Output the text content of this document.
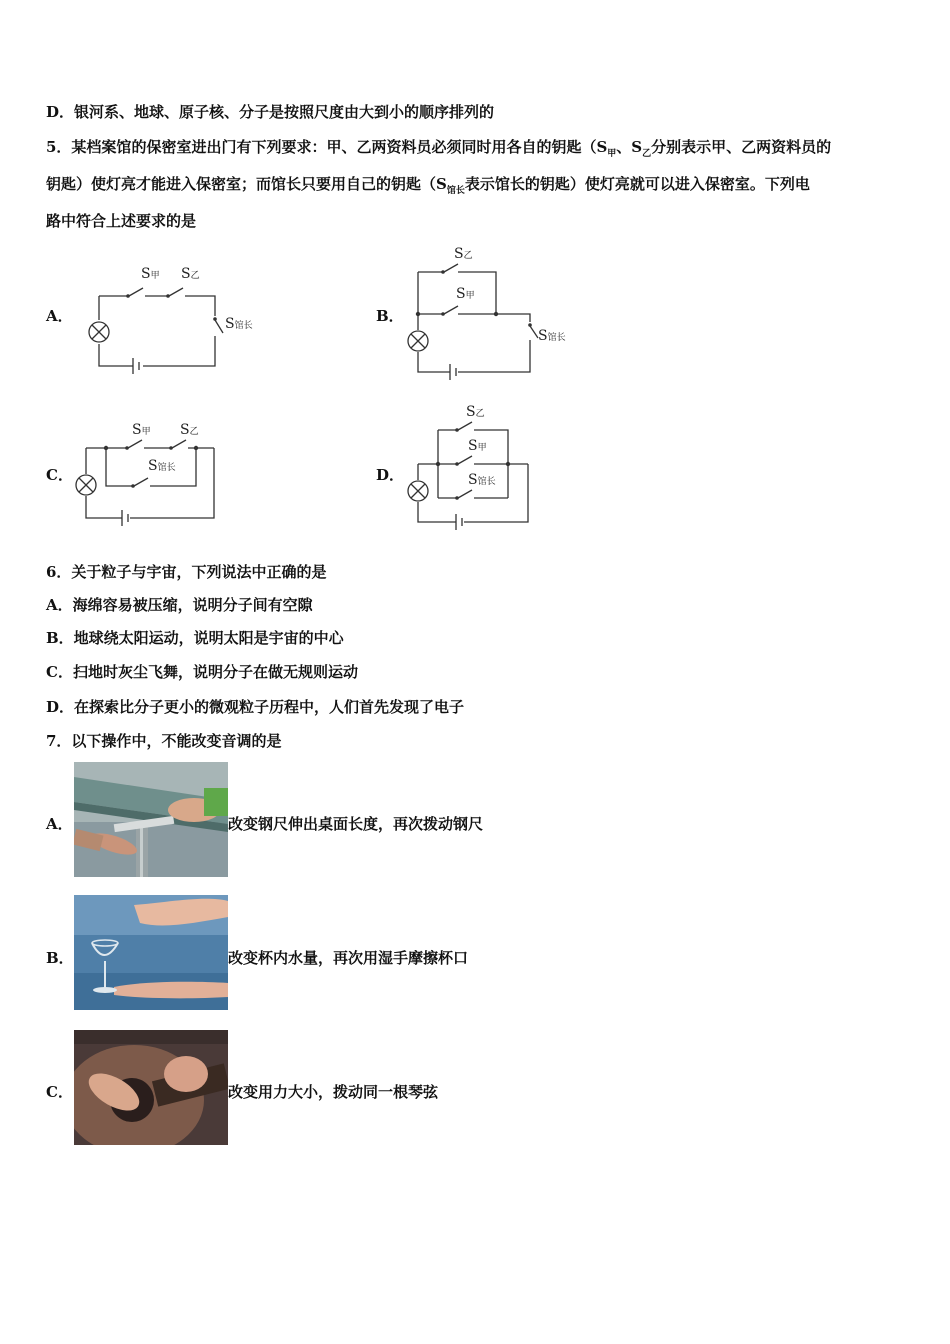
D．银河系、地球、原子核、分子是按照尺度由大到小的顺序排列的
5．某档案馆的保密室进出门有下列要求：甲、乙两资料员必须同时用各自的钥匙（$S_甲$、$S_乙$分别表示甲、乙两资料员的
钥匙）使灯亮才能进入保密室；而馆长只要用自己的钥匙（$S_{馆长}$表示馆长的钥匙）使灯亮就可以进入保密室。下列电
路中符合上述要求的是
A．
S甲 S乙
S馆长
B．
S乙
S甲
S馆长
C．
S甲 S乙
S馆长	D．
S乙
S甲
S馆长
6．关于粒子与宇宙，下列说法中正确的是
A．海绵容易被压缩，说明分子间有空隙
B．地球绕太阳运动，说明太阳是宇宙的中心
C．扫地时灰尘飞舞，说明分子在做无规则运动
D．在探索比分子更小的微观粒子历程中，人们首先发现了电子
7．以下操作中，不能改变音调的是
A．	改变钢尺伸出桌面长度，再次拨动钢尺
B．	改变杯内水量，再次用湿手摩擦杯口
C．	改变用力大小，拨动同一根琴弦
